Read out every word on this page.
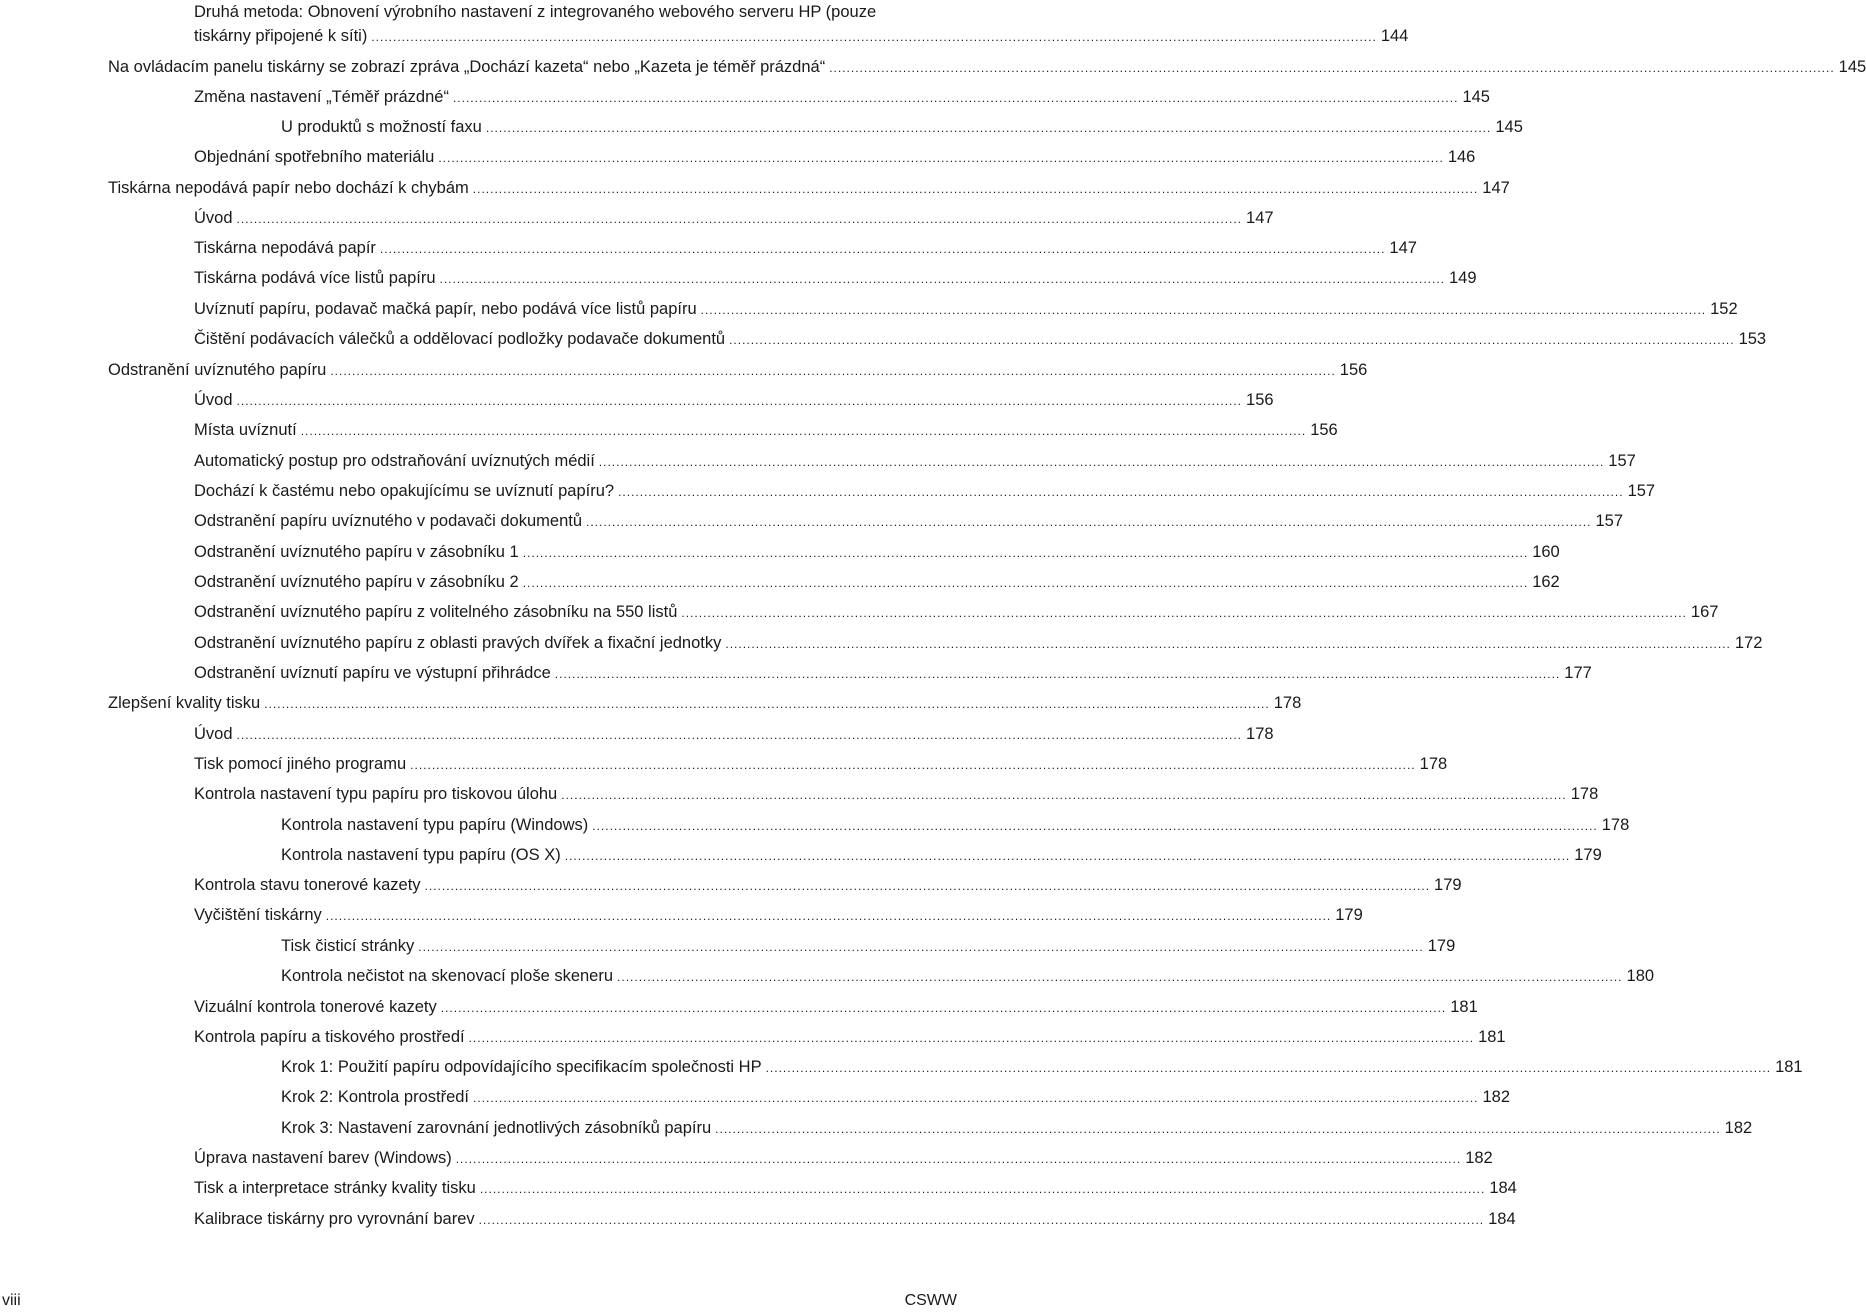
Druhá metoda: Obnovení výrobního nastavení z integrovaného webového serveru HP (pouze
tiskárny připojené k síti) .....	144
Na ovládacím panelu tiskárny se zobrazí zpráva „Dochází kazeta“ nebo „Kazeta je téměř prázdná“ .....	145
Změna nastavení „Téměř prázdné“ .....	145
U produktů s možností faxu .....	145
Objednání spotřebního materiálu .....	146
Tiskárna nepodává papír nebo dochází k chybám .....	147
Úvod .....	147
Tiskárna nepodává papír .....	147
Tiskárna podává více listů papíru .....	149
Uvíznutí papíru, podavač mačká papír, nebo podává více listů papíru .....	152
Čištění podávacích válečků a oddělovací podložky podavače dokumentů .....	153
Odstranění uvíznutého papíru .....	156
Úvod .....	156
Místa uvíznutí .....	156
Automatický postup pro odstraňování uvíznutých médií .....	157
Dochází k častému nebo opakujícímu se uvíznutí papíru? .....	157
Odstranění papíru uvíznutého v podavači dokumentů .....	157
Odstranění uvíznutého papíru v zásobníku 1 .....	160
Odstranění uvíznutého papíru v zásobníku 2 .....	162
Odstranění uvíznutého papíru z volitelného zásobníku na 550 listů .....	167
Odstranění uvíznutého papíru z oblasti pravých dvířek a fixační jednotky .....	172
Odstranění uvíznutí papíru ve výstupní přihrádce .....	177
Zlepšení kvality tisku .....	178
Úvod .....	178
Tisk pomocí jiného programu .....	178
Kontrola nastavení typu papíru pro tiskovou úlohu .....	178
Kontrola nastavení typu papíru (Windows) .....	178
Kontrola nastavení typu papíru (OS X) .....	179
Kontrola stavu tonerové kazety .....	179
Vyčištění tiskárny .....	179
Tisk čisticí stránky .....	179
Kontrola nečistot na skenovací ploše skeneru .....	180
Vizuální kontrola tonerové kazety .....	181
Kontrola papíru a tiskového prostředí .....	181
Krok 1: Použití papíru odpovídajícího specifikacím společnosti HP .....	181
Krok 2: Kontrola prostředí .....	182
Krok 3: Nastavení zarovnání jednotlivých zásobníků papíru .....	182
Úprava nastavení barev (Windows) .....	182
Tisk a interpretace stránky kvality tisku .....	184
Kalibrace tiskárny pro vyrovnání barev .....	184
viii	CSWW
